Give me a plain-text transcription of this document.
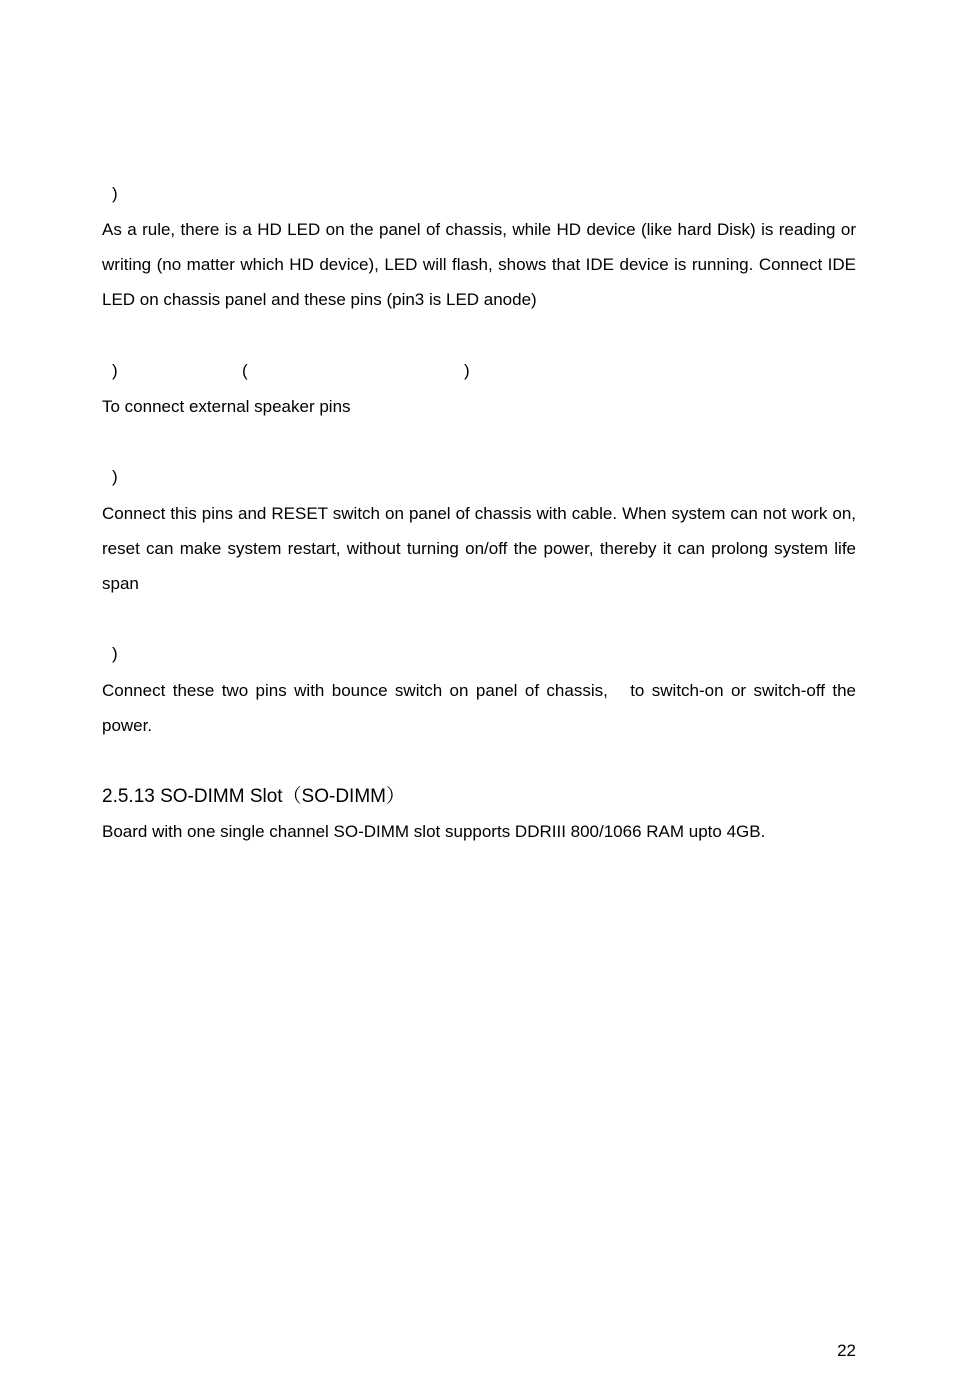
)
As a rule, there is a HD LED on the panel of chassis, while HD device (like hard Disk) is reading or writing (no matter which HD device), LED will flash, shows that IDE device is running. Connect IDE LED on chassis panel and these pins (pin3 is LED anode)
)	(	)
To connect external speaker pins
)
Connect this pins and RESET switch on panel of chassis with cable. When system can not work on, reset can make system restart, without turning on/off the power, thereby it can prolong system life span
)
Connect these two pins with bounce switch on panel of chassis,　to switch-on or switch-off the power.
2.5.13 SO-DIMM Slot（SO-DIMM）
Board with one single channel SO-DIMM slot supports DDRIII 800/1066 RAM upto 4GB.
22
